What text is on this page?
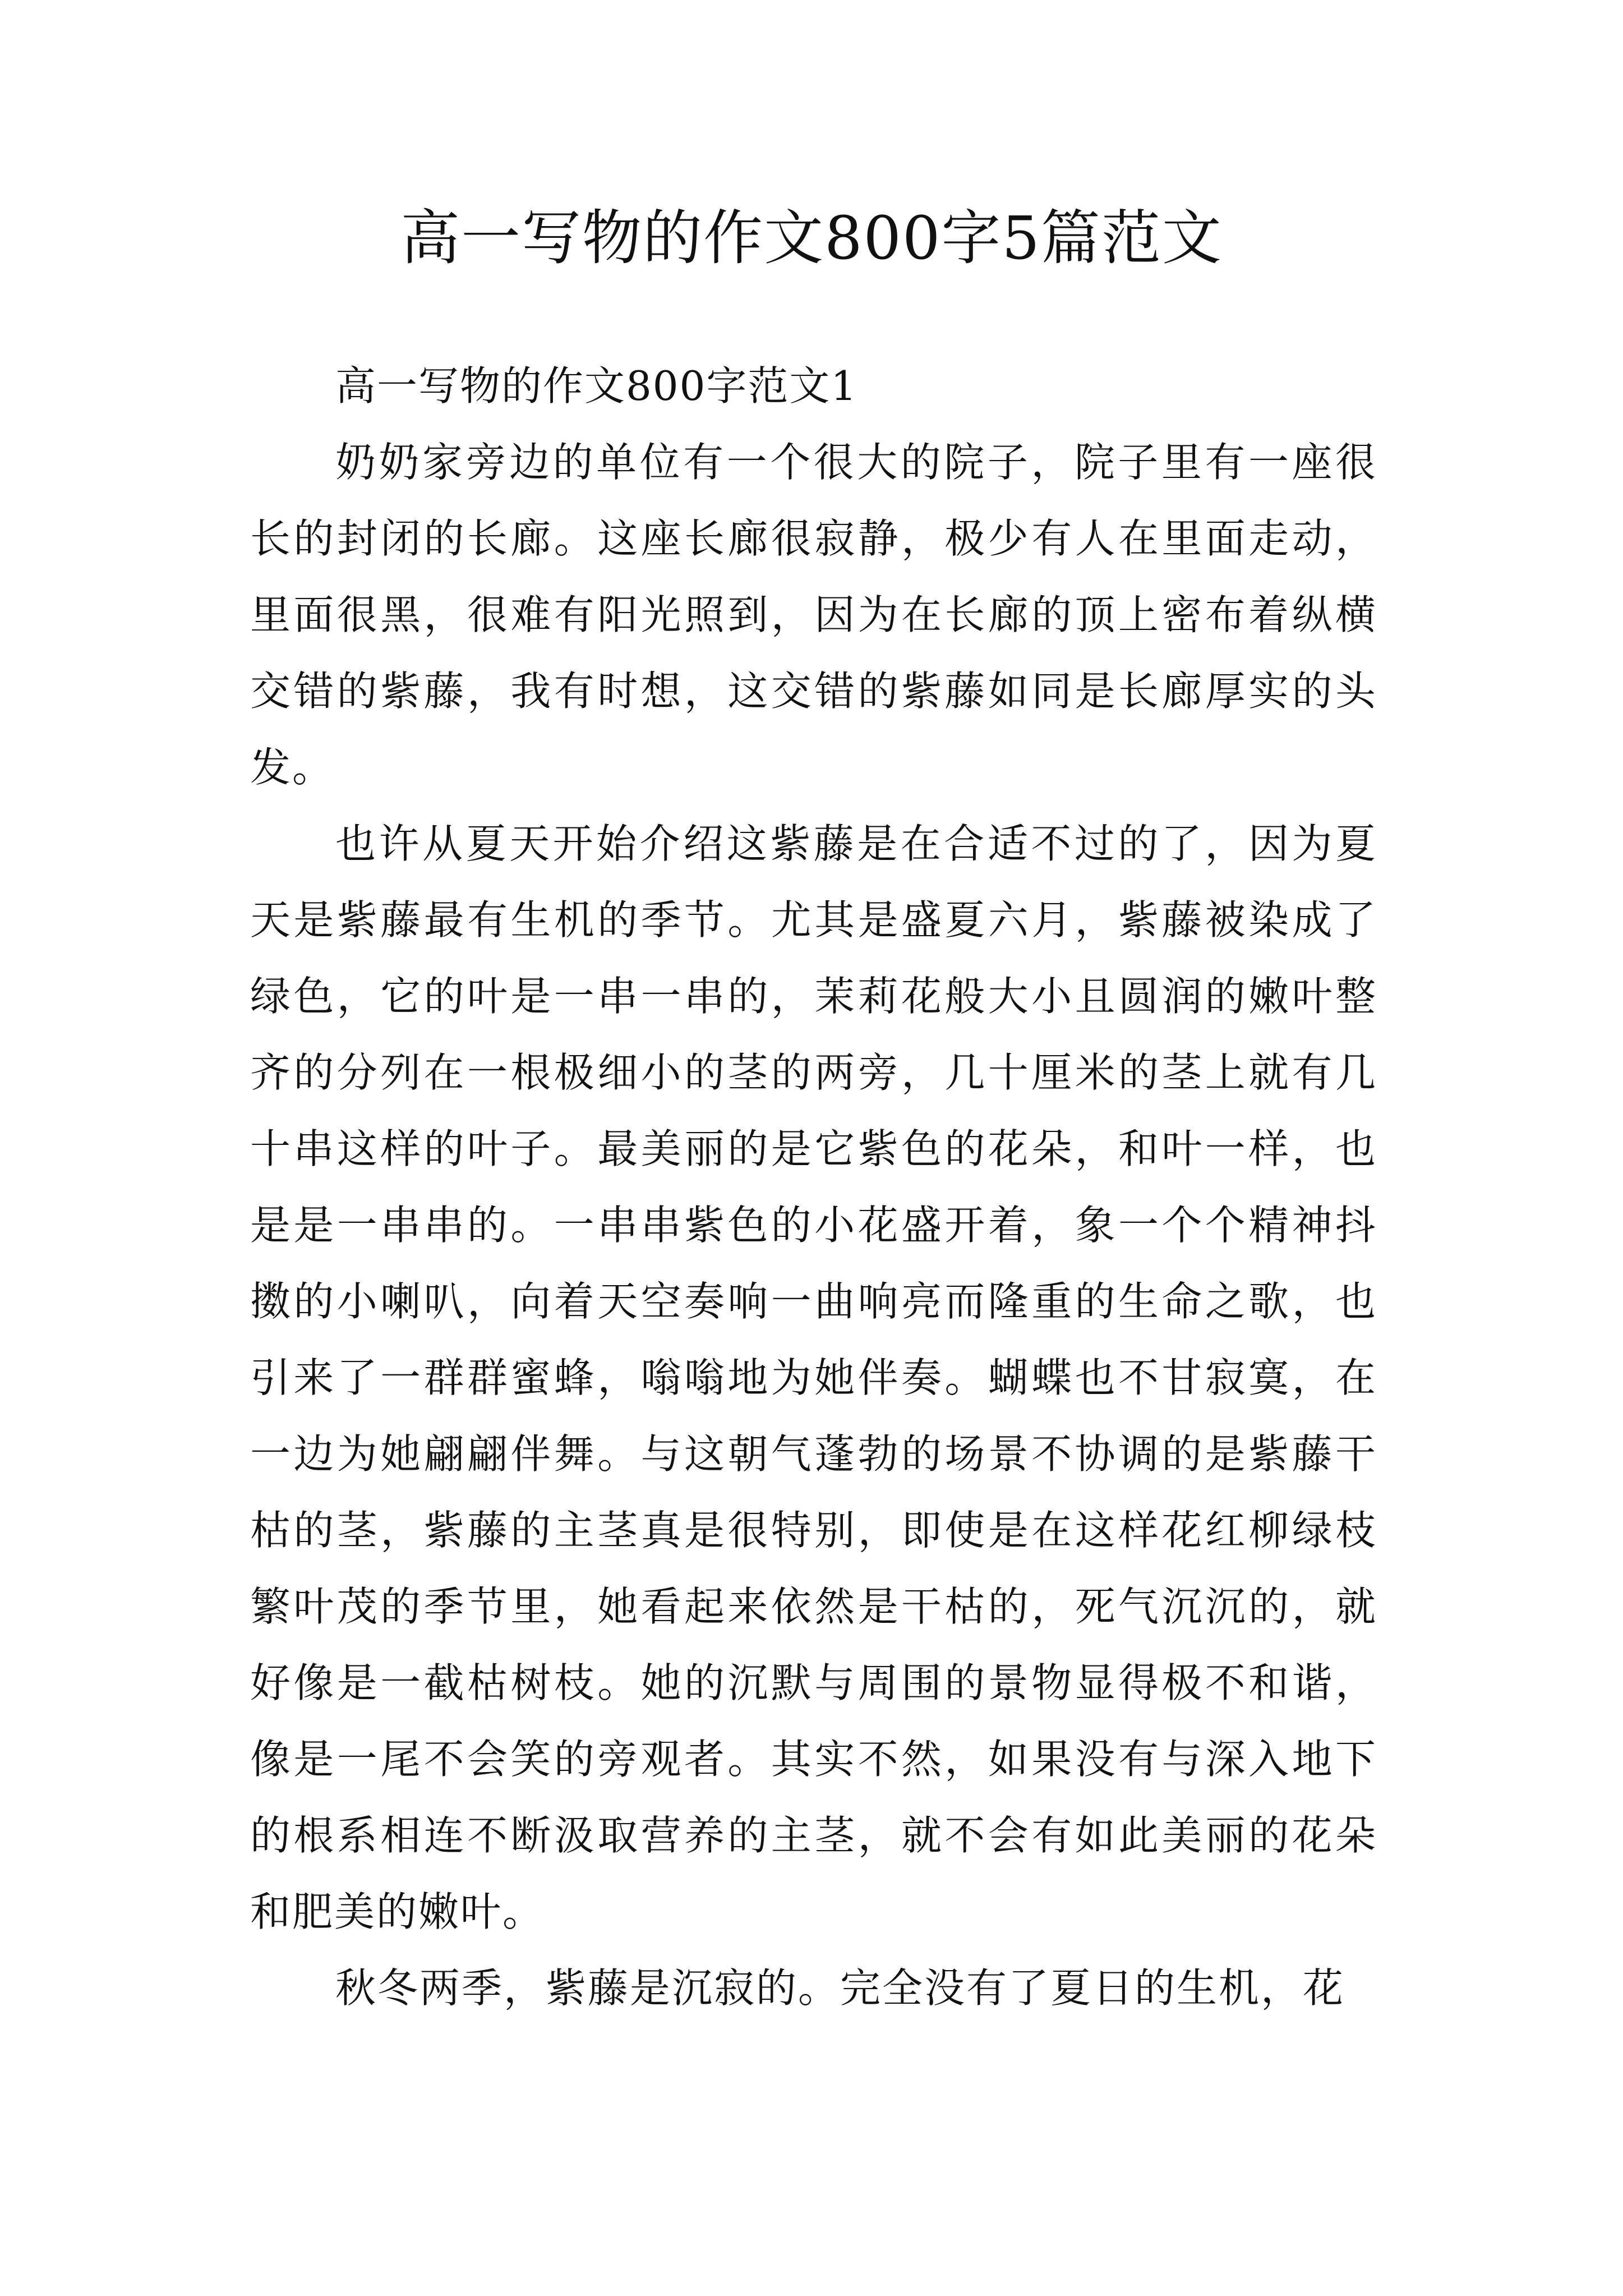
高一写物的作文800字5篇范文

高一写物的作文800字范文1

奶奶家旁边的单位有一个很大的院子，院子里有一座很长的封闭的长廊。这座长廊很寂静，极少有人在里面走动，里面很黑，很难有阳光照到，因为在长廊的顶上密布着纵横交错的紫藤，我有时想，这交错的紫藤如同是长廊厚实的头发。

也许从夏天开始介绍这紫藤是在合适不过的了，因为夏天是紫藤最有生机的季节。尤其是盛夏六月，紫藤被染成了绿色，它的叶是一串一串的，茉莉花般大小且圆润的嫩叶整齐的分列在一根极细小的茎的两旁，几十厘米的茎上就有几十串这样的叶子。最美丽的是它紫色的花朵，和叶一样，也是是一串串的。一串串紫色的小花盛开着，象一个个精神抖擞的小喇叭，向着天空奏响一曲响亮而隆重的生命之歌，也引来了一群群蜜蜂，嗡嗡地为她伴奏。蝴蝶也不甘寂寞，在一边为她翩翩伴舞。与这朝气蓬勃的场景不协调的是紫藤干枯的茎，紫藤的主茎真是很特别，即使是在这样花红柳绿枝繁叶茂的季节里，她看起来依然是干枯的，死气沉沉的，就好像是一截枯树枝。她的沉默与周围的景物显得极不和谐，像是一尾不会笑的旁观者。其实不然，如果没有与深入地下的根系相连不断汲取营养的主茎，就不会有如此美丽的花朵和肥美的嫩叶。

秋冬两季，紫藤是沉寂的。完全没有了夏日的生机，花
